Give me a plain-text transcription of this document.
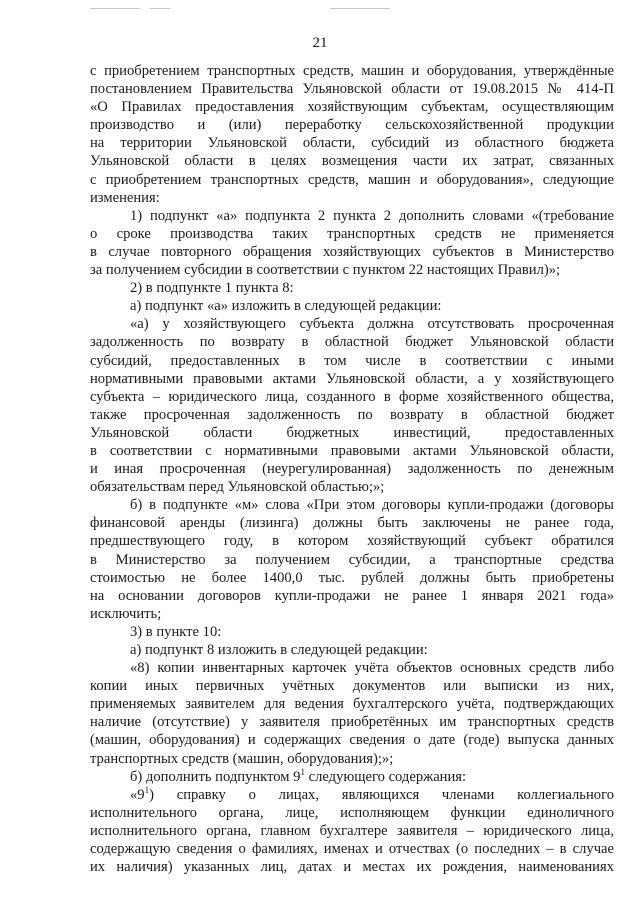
21
с приобретением транспортных средств, машин и оборудования, утверждённые
постановлением Правительства Ульяновской области от 19.08.2015 № 414-П
«О Правилах предоставления хозяйствующим субъектам, осуществляющим
производство и (или) переработку сельскохозяйственной продукции
на территории Ульяновской области, субсидий из областного бюджета
Ульяновской области в целях возмещения части их затрат, связанных
с приобретением транспортных средств, машин и оборудования», следующие
изменения:
1) подпункт «а» подпункта 2 пункта 2 дополнить словами «(требование
о сроке производства таких транспортных средств не применяется
в случае повторного обращения хозяйствующих субъектов в Министерство
за получением субсидии в соответствии с пунктом 22 настоящих Правил)»;
2) в подпункте 1 пункта 8:
а) подпункт «а» изложить в следующей редакции:
«а) у хозяйствующего субъекта должна отсутствовать просроченная
задолженность по возврату в областной бюджет Ульяновской области
субсидий, предоставленных в том числе в соответствии с иными
нормативными правовыми актами Ульяновской области, а у хозяйствующего
субъекта – юридического лица, созданного в форме хозяйственного общества,
также просроченная задолженность по возврату в областной бюджет
Ульяновской области бюджетных инвестиций, предоставленных
в соответствии с нормативными правовыми актами Ульяновской области,
и иная просроченная (неурегулированная) задолженность по денежным
обязательствам перед Ульяновской областью;»;
б) в подпункте «м» слова «При этом договоры купли-продажи (договоры
финансовой аренды (лизинга) должны быть заключены не ранее года,
предшествующего году, в котором хозяйствующий субъект обратился
в Министерство за получением субсидии, а транспортные средства
стоимостью не более 1400,0 тыс. рублей должны быть приобретены
на основании договоров купли-продажи не ранее 1 января 2021 года»
исключить;
3) в пункте 10:
а) подпункт 8 изложить в следующей редакции:
«8) копии инвентарных карточек учёта объектов основных средств либо
копии иных первичных учётных документов или выписки из них,
применяемых заявителем для ведения бухгалтерского учёта, подтверждающих
наличие (отсутствие) у заявителя приобретённых им транспортных средств
(машин, оборудования) и содержащих сведения о дате (годе) выпуска данных
транспортных средств (машин, оборудования);»;
б) дополнить подпунктом $9^1$ следующего содержания:
«$9^1$) справку о лицах, являющихся членами коллегиального
исполнительного органа, лице, исполняющем функции единоличного
исполнительного органа, главном бухгалтере заявителя – юридического лица,
содержащую сведения о фамилиях, именах и отчествах (о последних – в случае
их наличия) указанных лиц, датах и местах их рождения, наименованиях
